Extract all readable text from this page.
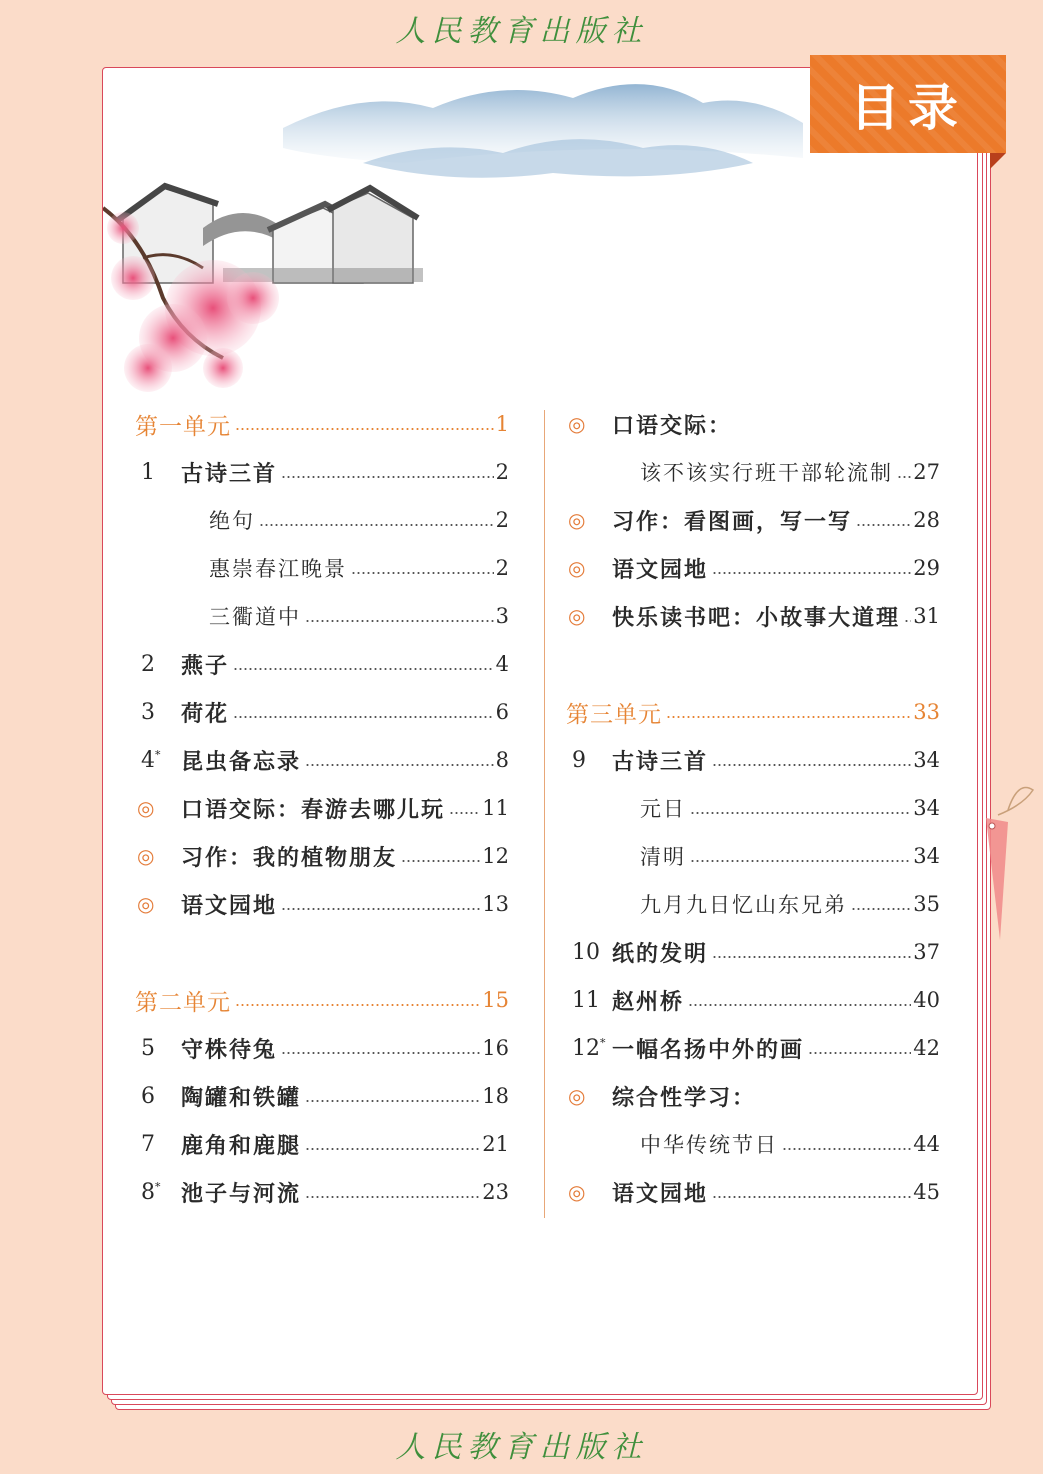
人民教育出版社
目录
第一单元	1
1	古诗三首	2
绝句	2
惠崇春江晚景	2
三衢道中	3
2	燕子	4
3	荷花	6
4* 昆虫备忘录	8
◎	口语交际：春游去哪儿玩 11
◎	习作：我的植物朋友	12
◎	语文园地	13
第二单元	15
5	守株待兔	16
6	陶罐和铁罐	18
7	鹿角和鹿腿	21
8* 池子与河流	23
◎	口语交际：
该不该实行班干部轮流制 27
◎	习作：看图画，写一写	28
◎	语文园地	29
◎	快乐读书吧：小故事大道理 31
第三单元	33
9	古诗三首	34
元日	34
清明	34
九月九日忆山东兄弟	35
10 纸的发明	37
11 赵州桥	40
12* 一幅名扬中外的画	42
◎	综合性学习：
中华传统节日	44
◎	语文园地	45
人民教育出版社
